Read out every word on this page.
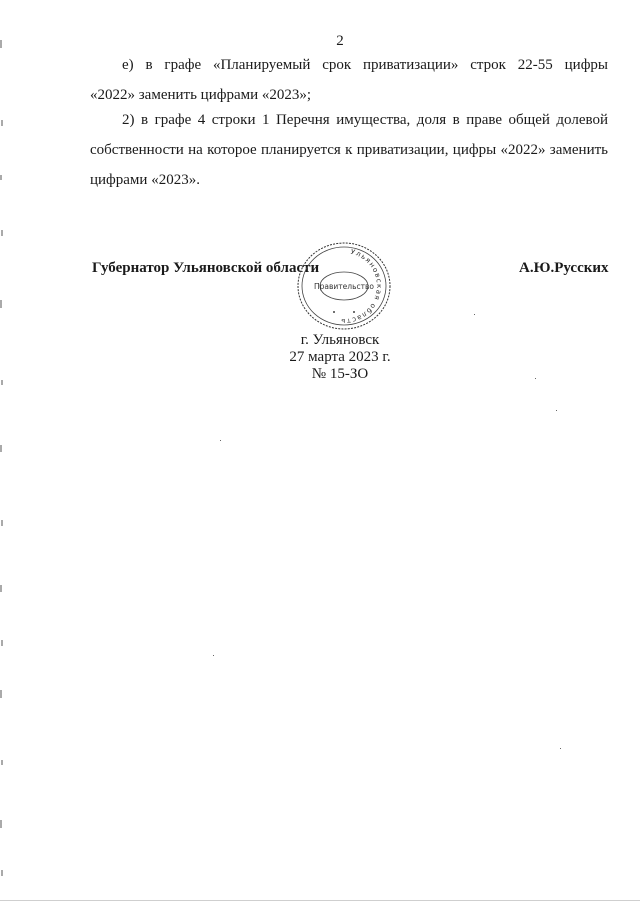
2
е) в графе «Планируемый срок приватизации» строк 22-55 цифры
«2022» заменить цифрами «2023»;
2) в графе 4 строки 1 Перечня имущества, доля в праве общей долевой собственности на которое планируется к приватизации, цифры «2022» заменить цифрами «2023».
Губернатор Ульяновской области	А.Ю.Русских
Ульяновская область
Правительство
г. Ульяновск
27 марта 2023 г.
№ 15-ЗО
